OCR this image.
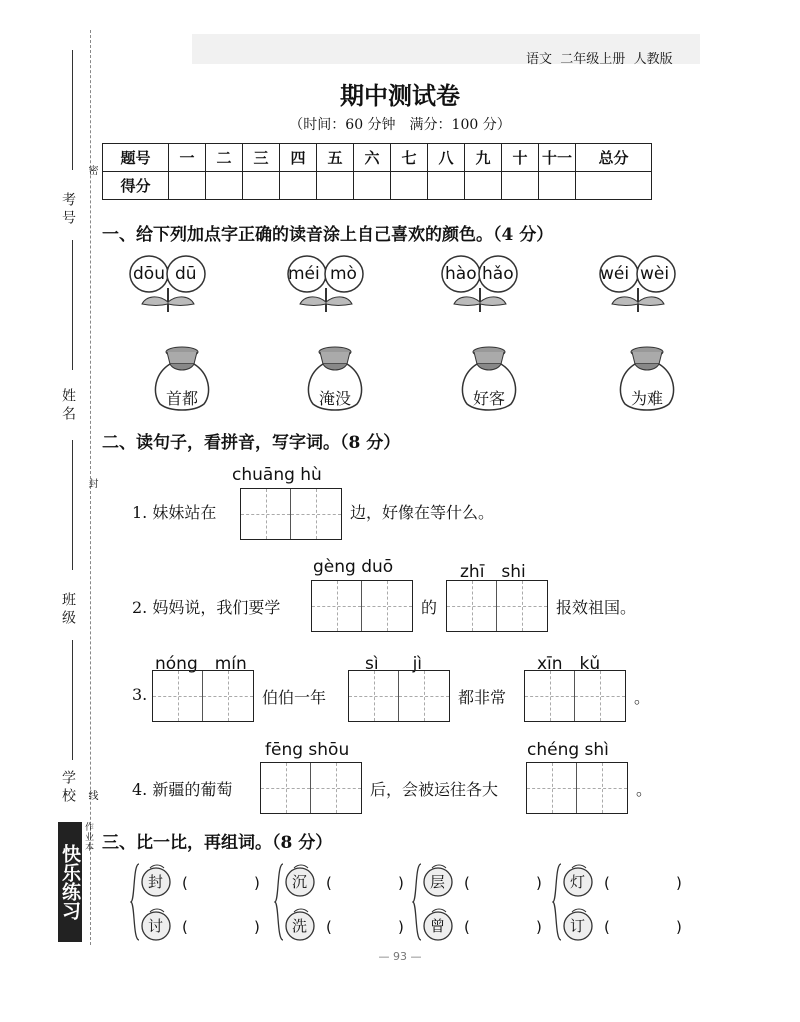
考号
姓名
班级
学校
密
封
线
快乐练习
作业本
语文 二年级上册 人教版
期中测试卷
（时间：60 分钟　满分：100 分）
题号	一	二	三	四	五	六	七	八	九	十	十一	总分
得分												
一、给下列加点字正确的读音涂上自己喜欢的颜色。（4 分）
dōu dū	méi mò	hào hǎo	wéi wèi
首都	淹没	好客	为难
二、读句子，看拼音，写字词。（8 分）
chuāng hù
1. 妹妹站在	边，好像在等什么。
gèng duō	zhī　shi
2. 妈妈说，我们要学	的	报效祖国。
nóng　mín	sì　　jì	xīn　kǔ
3.	伯伯一年	都非常	。
fēng shōu	chéng shì
4. 新疆的葡萄	后，会被运往各大	。
三、比一比，再组词。（8 分）
封 (	)
讨 (	)
沉 (	)
洗 (	)
层 (	)
曾 (	)
灯 (	)
订 (	)
— 93 —
